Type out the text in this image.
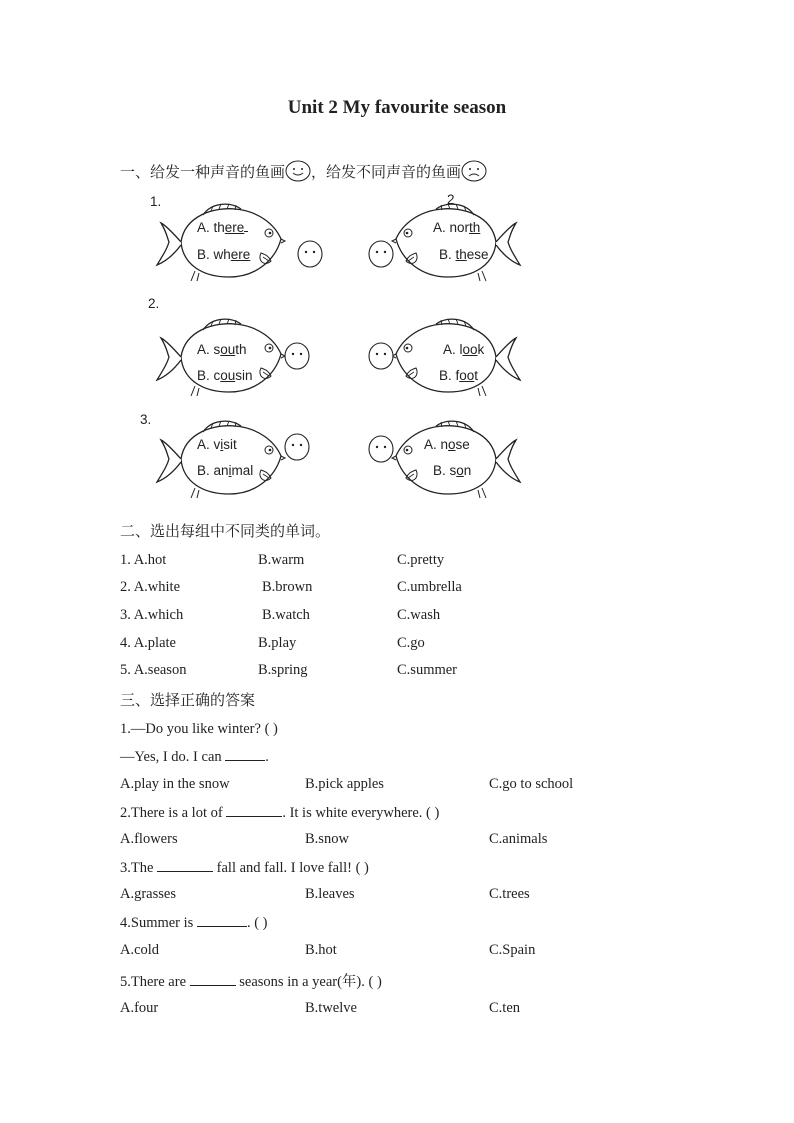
Unit 2 My favourite season
一、给发一种声音的鱼画 ，给发不同声音的鱼画
1.	2
2.
3.
A. there
B. where
A. north
B. these
A. south
B. cousin
A. look
B. foot
A. visit
B. animal
A. nose
B. son
二、选出每组中不同类的单词。
1. A.hot	B.warm	C.pretty
2. A.white	B.brown	C.umbrella
3. A.which	B.watch	C.wash
4. A.plate	B.play	C.go
5. A.season	B.spring	C.summer
三、选择正确的答案
1.—Do you like winter? ( )
—Yes, I do. I can	.
A.play in the snow	B.pick apples	C.go to school
2.There is a lot of	. It is white everywhere. ( )
A.flowers	B.snow	C.animals
3.The	fall and fall. I love fall! ( )
A.grasses	B.leaves	C.trees
4.Summer is	. ( )
A.cold	B.hot	C.Spain
5.There are	seasons in a year(年). ( )
A.four	B.twelve	C.ten
